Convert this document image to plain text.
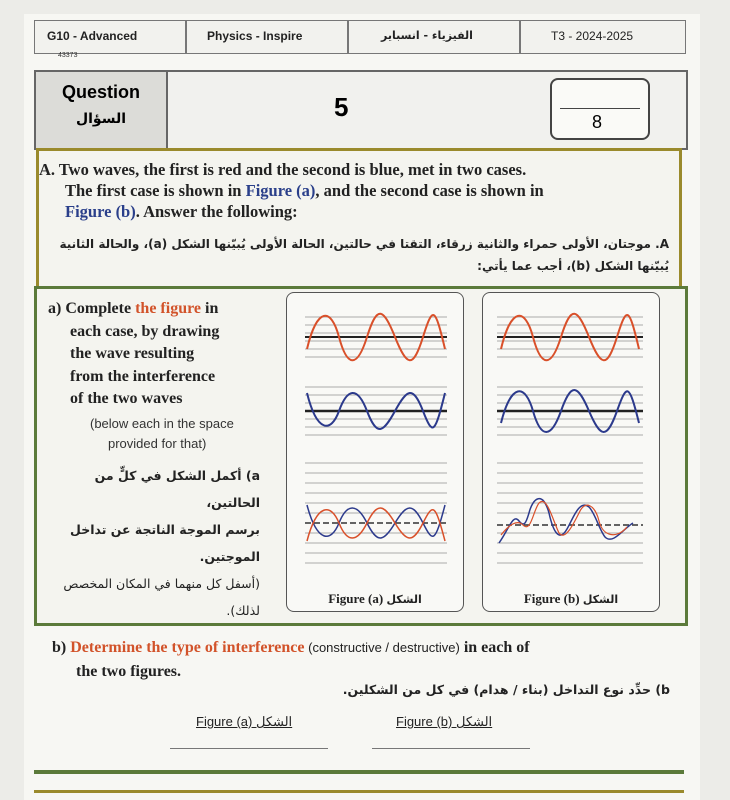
G10 - Advanced
43373
Physics - Inspire	الفيزياء - انسباير	T3 - 2024-2025
Question
السؤال	5	8
A. Two waves, the first is red and the second is blue, met in two cases.
The first case is shown in Figure (a), and the second case is shown in
Figure (b). Answer the following:
A. موجتان، الأولى حمراء والثانية زرقاء، التقتا في حالتين، الحالة الأولى يُبيّنها الشكل (a)، والحالة الثانية
يُبيّنها الشكل (b)، أجب عما يأتي:
a) Complete the figure in
each case, by drawing
the wave resulting
from the interference
of the two waves
(below each in the space
provided for that)
a) أكمل الشكل في كلٍّ من الحالتين،
برسم الموجة الناتجة عن تداخل
الموجتين.
(أسفل كل منهما في المكان المخصص
لذلك).
Figure (a) الشكل	Figure (b) الشكل
b) Determine the type of interference (constructive / destructive) in each of
the two figures.
b) حدِّد نوع التداخل (بناء / هدام) في كل من الشكلين.
Figure (a) الشكل	Figure (b) الشكل
